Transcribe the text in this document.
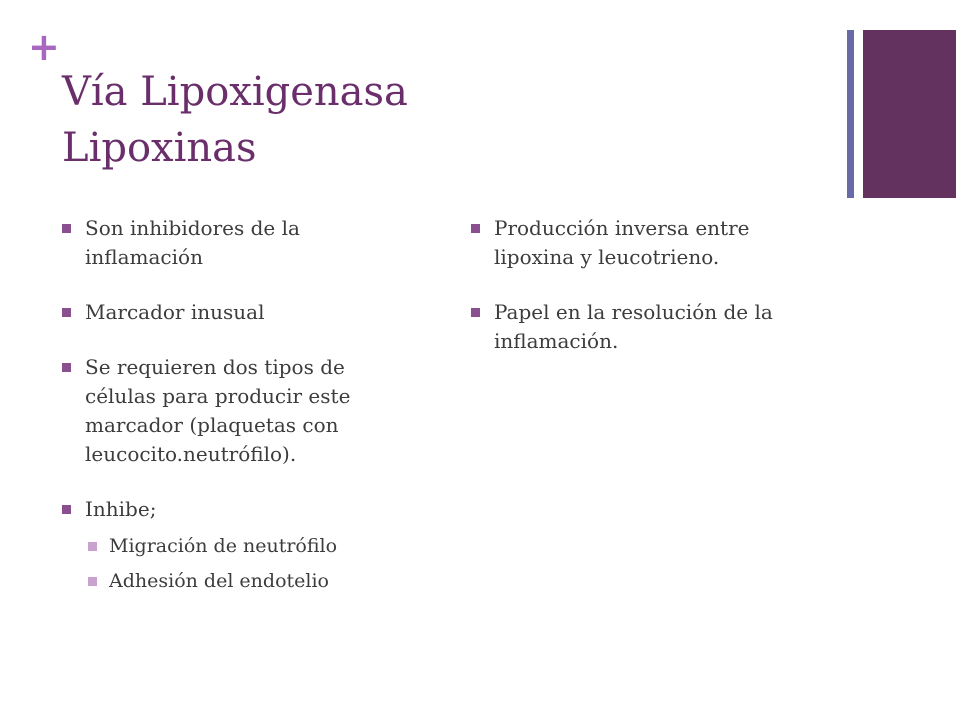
+
Vía Lipoxigenasa
Lipoxinas
Son inhibidores de la inflamación
Marcador inusual
Se requieren dos tipos de células para producir este marcador (plaquetas con leucocito.neutrófilo).
Inhibe;
Migración de neutrófilo
Adhesión del endotelio
Producción inversa entre lipoxina y leucotrieno.
Papel en la resolución de la inflamación.
